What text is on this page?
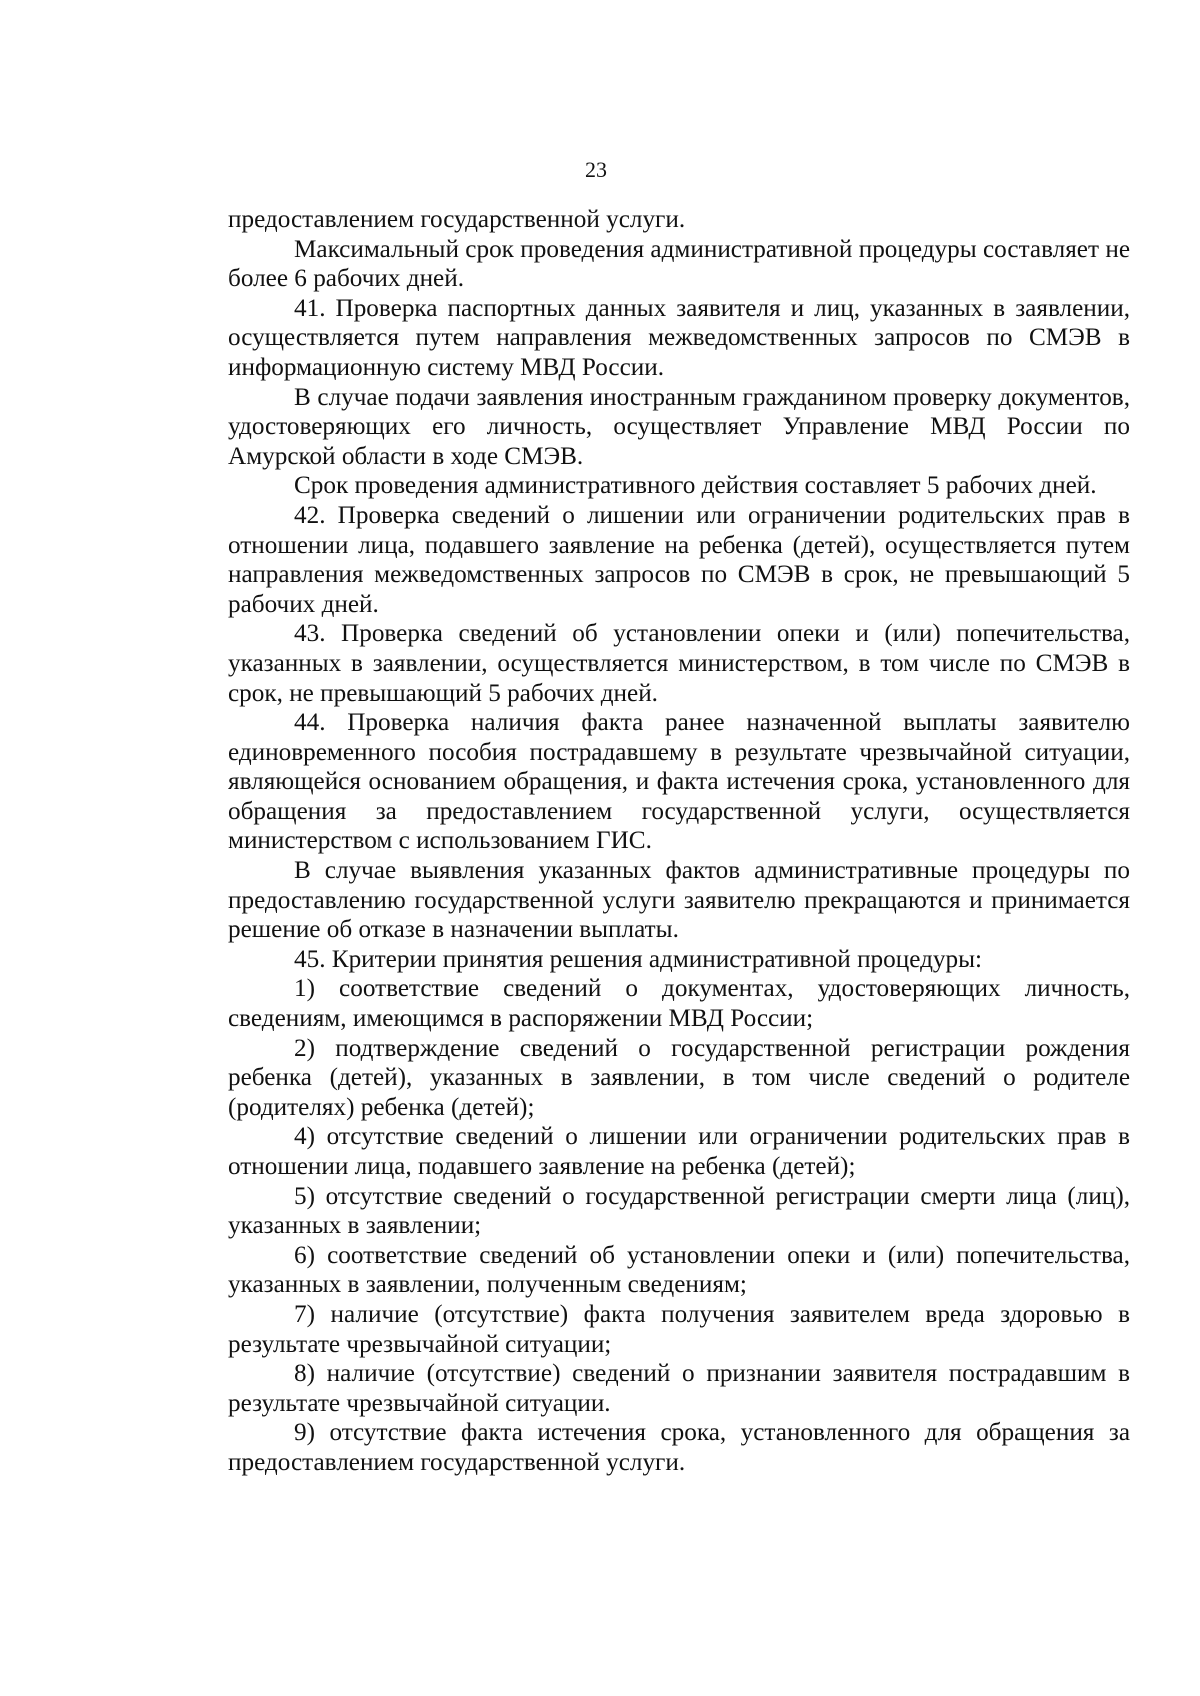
23

предоставлением государственной услуги.

Максимальный срок проведения административной процедуры составляет не более 6 рабочих дней.

41. Проверка паспортных данных заявителя и лиц, указанных в заявлении, осуществляется путем направления межведомственных запросов по СМЭВ в информационную систему МВД России.

В случае подачи заявления иностранным гражданином проверку документов, удостоверяющих его личность, осуществляет Управление МВД России по Амурской области в ходе СМЭВ.

Срок проведения административного действия составляет 5 рабочих дней.

42. Проверка сведений о лишении или ограничении родительских прав в отношении лица, подавшего заявление на ребенка (детей), осуществляется путем направления межведомственных запросов по СМЭВ в срок, не превышающий 5 рабочих дней.

43. Проверка сведений об установлении опеки и (или) попечительства, указанных в заявлении, осуществляется министерством, в том числе по СМЭВ в срок, не превышающий 5 рабочих дней.

44. Проверка наличия факта ранее назначенной выплаты заявителю единовременного пособия пострадавшему в результате чрезвычайной ситуации, являющейся основанием обращения, и факта истечения срока, установленного для обращения за предоставлением государственной услуги, осуществляется министерством с использованием ГИС.

В случае выявления указанных фактов административные процедуры по предоставлению государственной услуги заявителю прекращаются и принимается решение об отказе в назначении выплаты.

45. Критерии принятия решения административной процедуры:

1) соответствие сведений о документах, удостоверяющих личность, сведениям, имеющимся в распоряжении МВД России;

2) подтверждение сведений о государственной регистрации рождения ребенка (детей), указанных в заявлении, в том числе сведений о родителе (родителях) ребенка (детей);

4) отсутствие сведений о лишении или ограничении родительских прав в отношении лица, подавшего заявление на ребенка (детей);

5) отсутствие сведений о государственной регистрации смерти лица (лиц), указанных в заявлении;

6) соответствие сведений об установлении опеки и (или) попечительства, указанных в заявлении, полученным сведениям;

7) наличие (отсутствие) факта получения заявителем вреда здоровью в результате чрезвычайной ситуации;

8) наличие (отсутствие) сведений о признании заявителя пострадавшим в результате чрезвычайной ситуации.

9) отсутствие факта истечения срока, установленного для обращения за предоставлением государственной услуги.
